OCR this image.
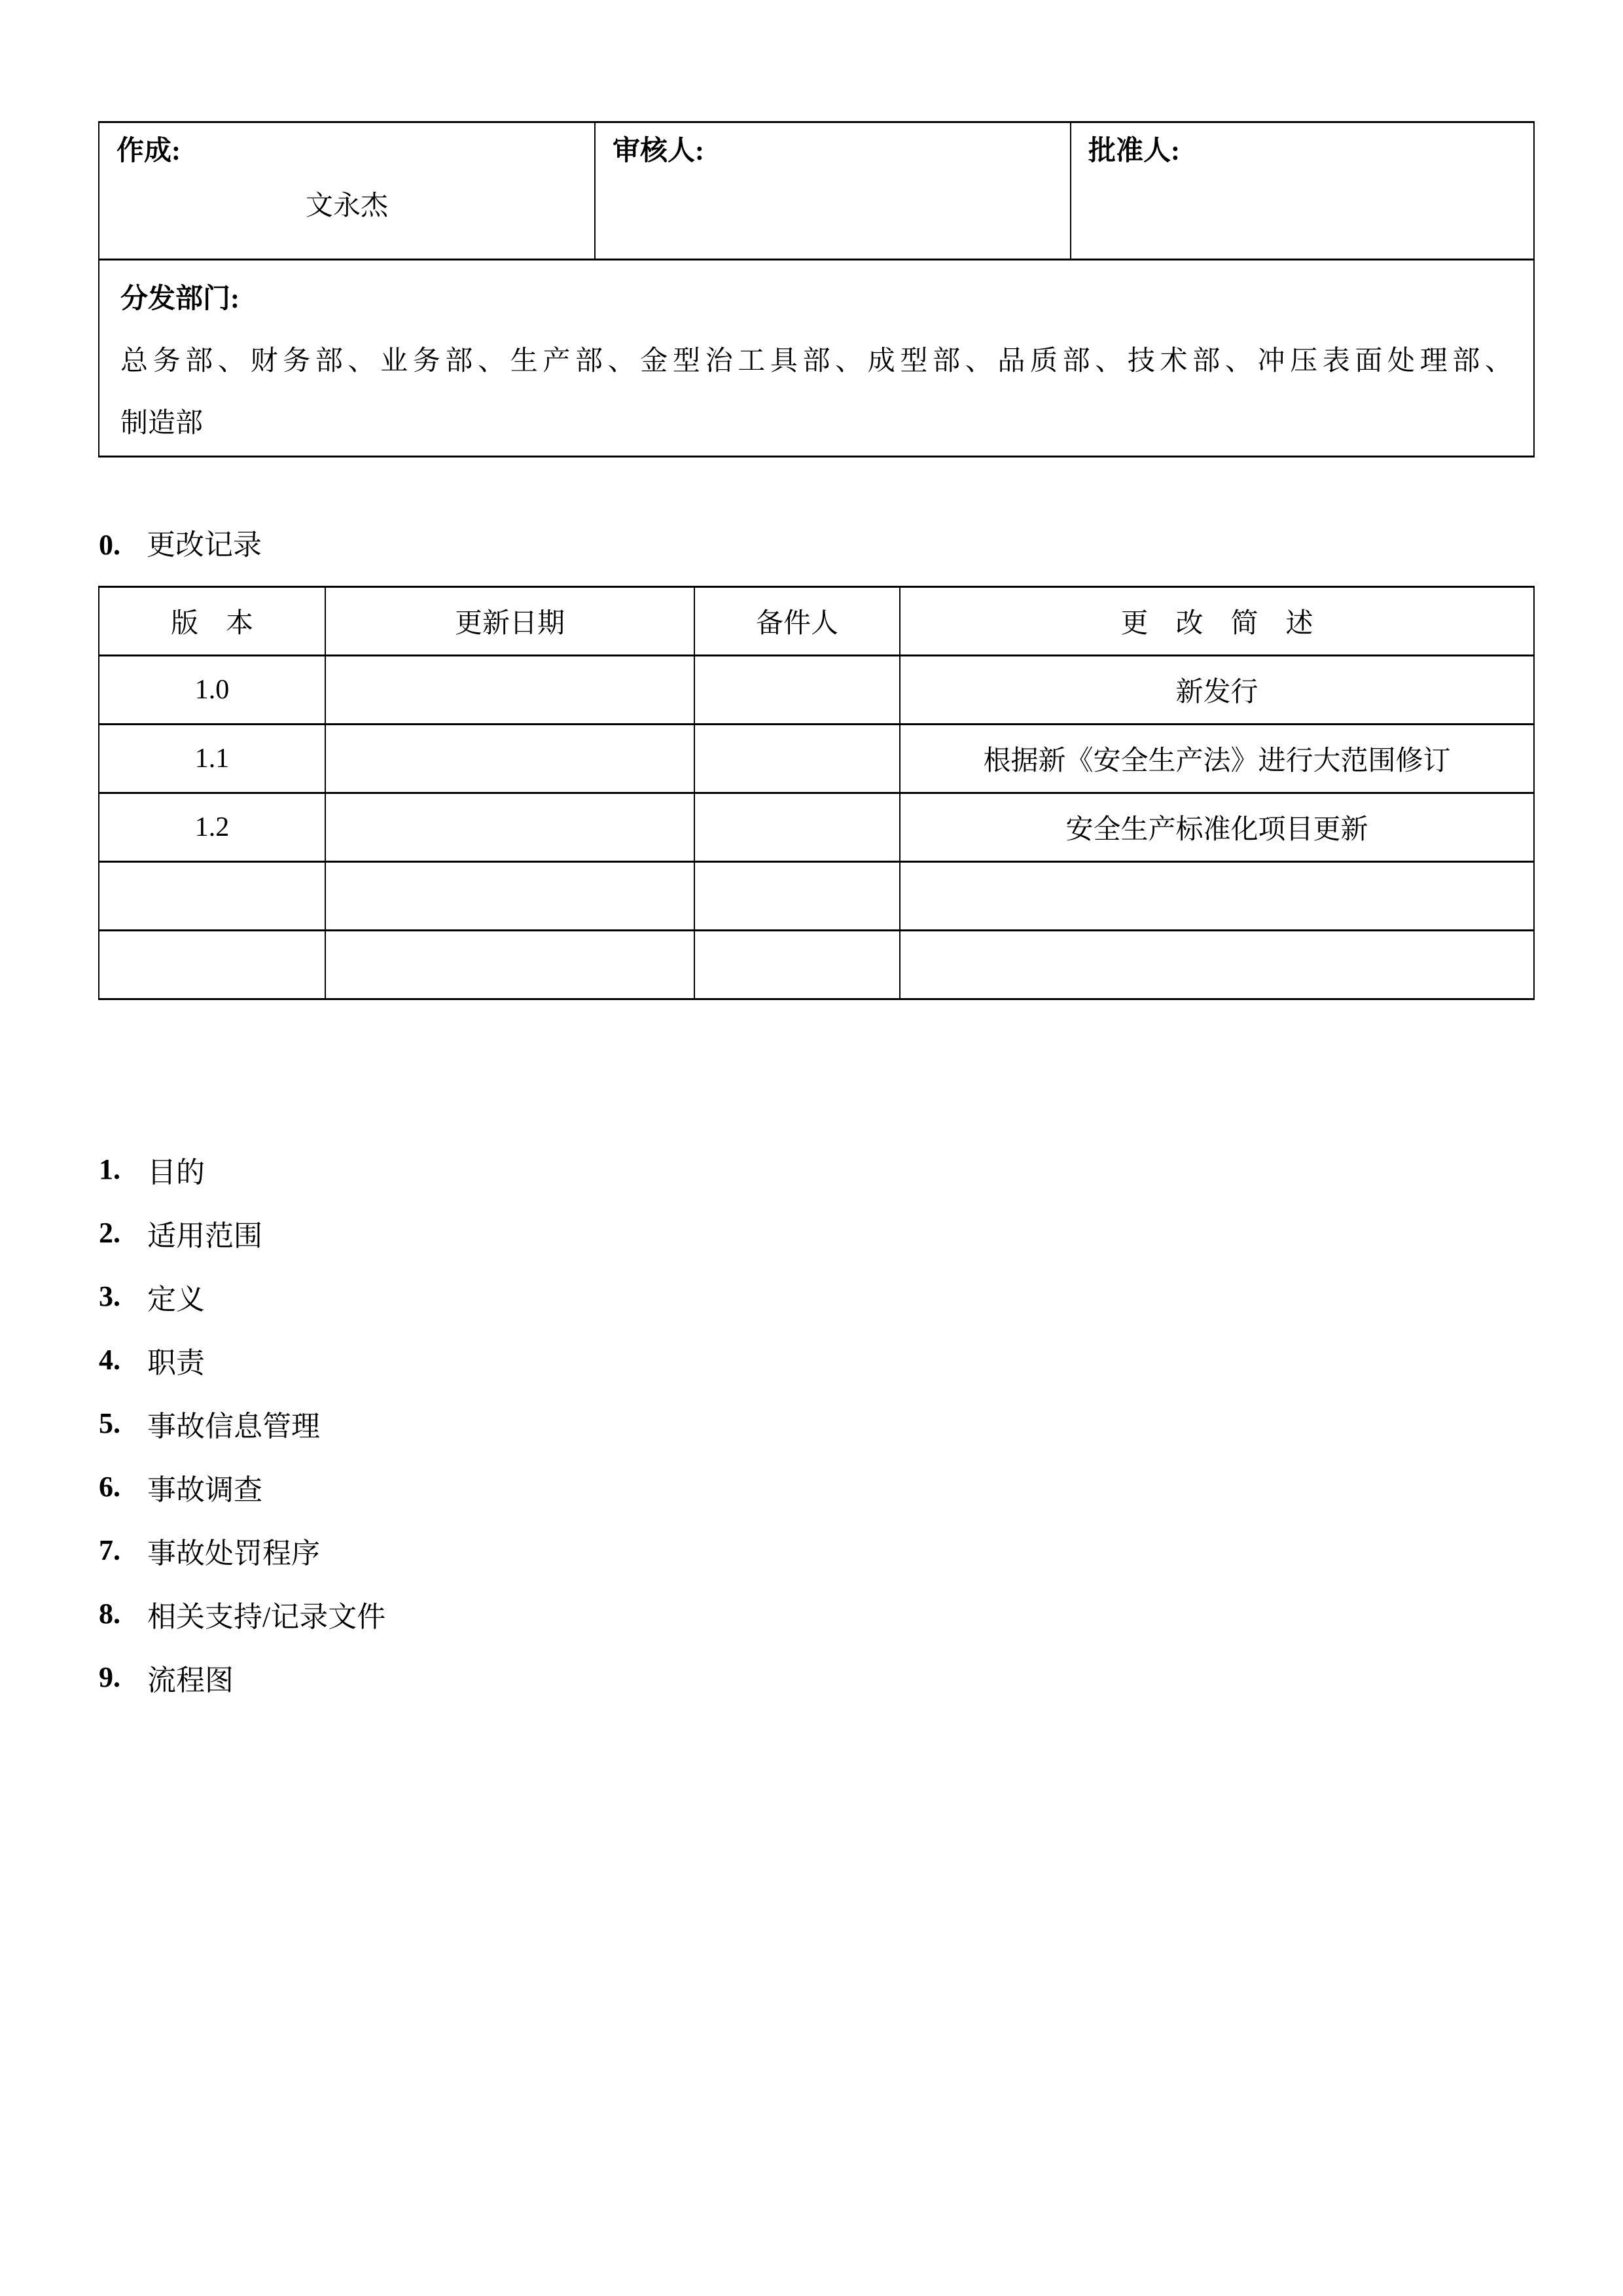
作成:
文永杰

审核人:	批准人:

分发部门:
总务部、财务部、业务部、生产部、金型治工具部、成型部、品质部、技术部、冲压表面处理部、
制造部
0. 更改记录
版　本	更新日期	备件人	更　改　简　述

1.0			新发行

1.1			根据新《安全生产法》进行大范围修订

1.2			安全生产标准化项目更新

1. 目的
2. 适用范围
3. 定义
4. 职责
5. 事故信息管理
6. 事故调查
7. 事故处罚程序
8. 相关支持/记录文件
9. 流程图
